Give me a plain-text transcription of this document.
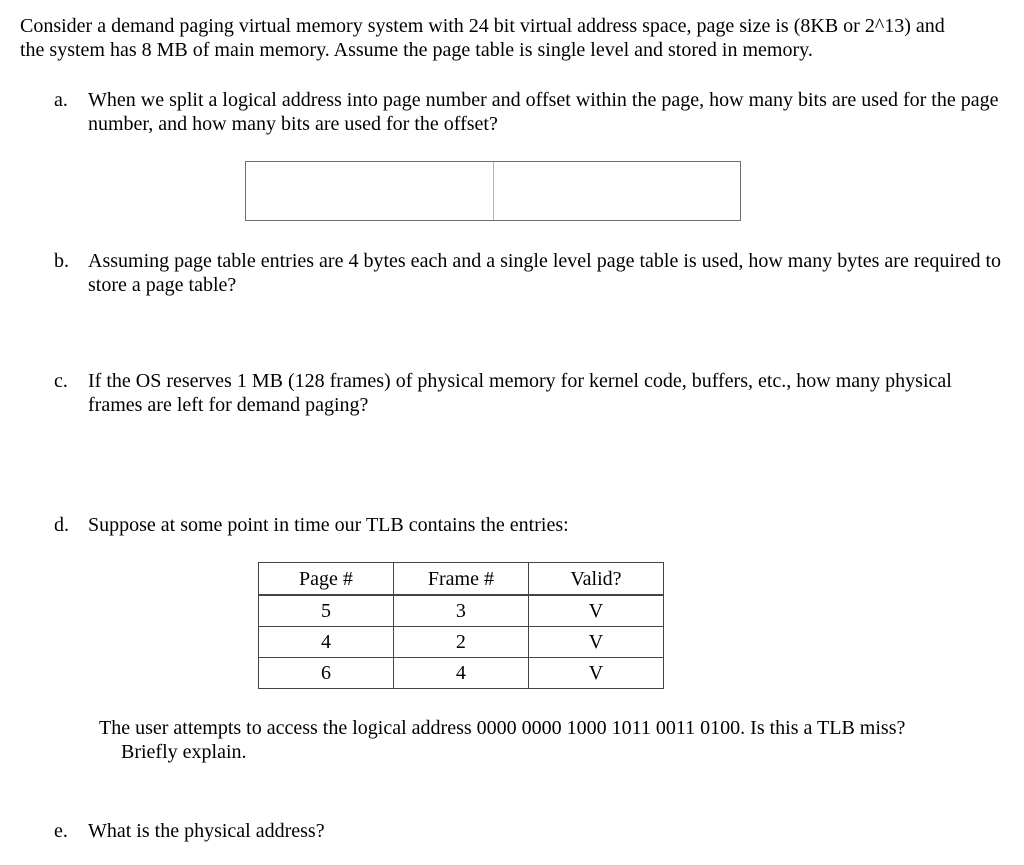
Consider a demand paging virtual memory system with 24 bit virtual address space, page size is (8KB or 2^13) and
the system has 8 MB of main memory. Assume the page table is single level and stored in memory.
a. When we split a logical address into page number and offset within the page, how many bits are used for the page number, and how many bits are used for the offset?
b. Assuming page table entries are 4 bytes each and a single level page table is used, how many bytes are required to store a page table?
c. If the OS reserves 1 MB (128 frames) of physical memory for kernel code, buffers, etc., how many physical frames are left for demand paging?
d. Suppose at some point in time our TLB contains the entries:
Page #	Frame #	Valid?
5	3	V
4	2	V
6	4	V
The user attempts to access the logical address 0000 0000 1000 1011 0011 0100. Is this a TLB miss?
Briefly explain.
e. What is the physical address?
